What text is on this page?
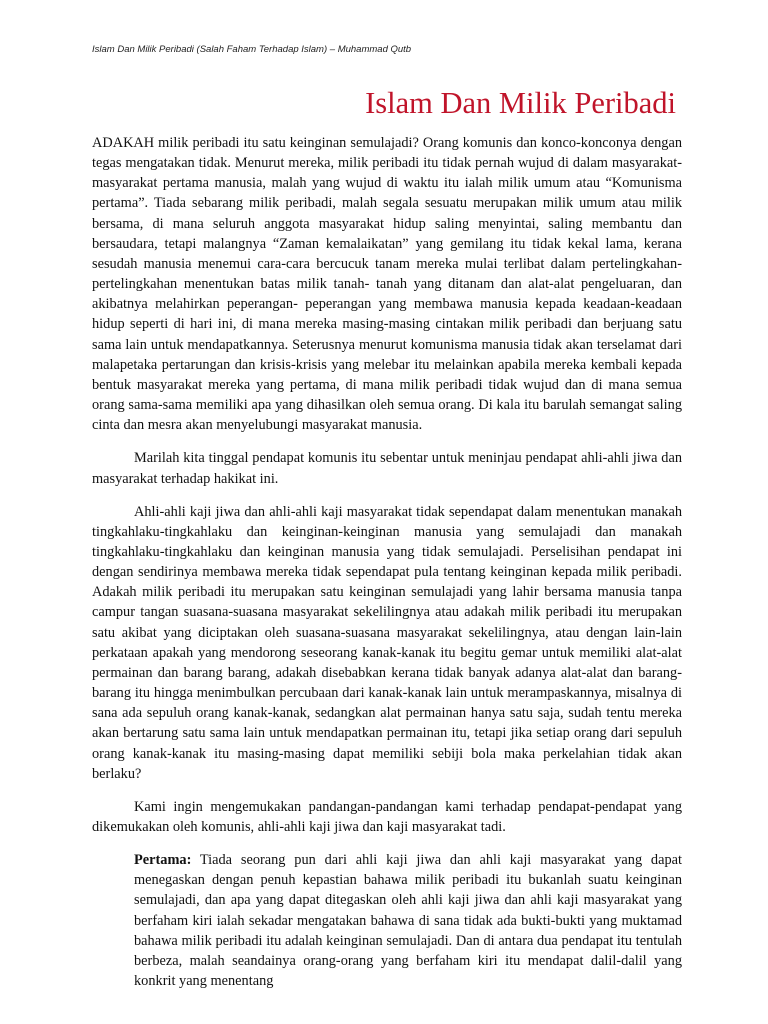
Islam Dan Milik Peribadi (Salah Faham Terhadap Islam) – Muhammad Qutb
Islam Dan Milik Peribadi

ADAKAH milik peribadi itu satu keinginan semulajadi? Orang komunis dan konco-konconya dengan tegas mengatakan tidak. Menurut mereka, milik peribadi itu tidak pernah wujud di dalam masyarakat-masyarakat pertama manusia, malah yang wujud di waktu itu ialah milik umum atau “Komunisma pertama”. Tiada sebarang milik peribadi, malah segala sesuatu merupakan milik umum atau milik bersama, di mana seluruh anggota masyarakat hidup saling menyintai, saling membantu dan bersaudara, tetapi malangnya “Zaman kemalaikatan” yang gemilang itu tidak kekal lama, kerana sesudah manusia menemui cara-cara bercucuk tanam mereka mulai terlibat dalam pertelingkahan-pertelingkahan menentukan batas milik tanah- tanah yang ditanam dan alat-alat pengeluaran, dan akibatnya melahirkan peperangan- peperangan yang membawa manusia kepada keadaan-keadaan hidup seperti di hari ini, di mana mereka masing-masing cintakan milik peribadi dan berjuang satu sama lain untuk mendapatkannya. Seterusnya menurut komunisma manusia tidak akan terselamat dari malapetaka pertarungan dan krisis-krisis yang melebar itu melainkan apabila mereka kembali kepada bentuk masyarakat mereka yang pertama, di mana milik peribadi tidak wujud dan di mana semua orang sama-sama memiliki apa yang dihasilkan oleh semua orang. Di kala itu barulah semangat saling cinta dan mesra akan menyelubungi masyarakat manusia.

Marilah kita tinggal pendapat komunis itu sebentar untuk meninjau pendapat ahli-ahli jiwa dan masyarakat terhadap hakikat ini.

Ahli-ahli kaji jiwa dan ahli-ahli kaji masyarakat tidak sependapat dalam menentukan manakah tingkahlaku-tingkahlaku dan keinginan-keinginan manusia yang semulajadi dan manakah tingkahlaku-tingkahlaku dan keinginan manusia yang tidak semulajadi. Perselisihan pendapat ini dengan sendirinya membawa mereka tidak sependapat pula tentang keinginan kepada milik peribadi. Adakah milik peribadi itu merupakan satu keinginan semulajadi yang lahir bersama manusia tanpa campur tangan suasana-suasana masyarakat sekelilingnya atau adakah milik peribadi itu merupakan satu akibat yang diciptakan oleh suasana-suasana masyarakat sekelilingnya, atau dengan lain-lain perkataan apakah yang mendorong seseorang kanak-kanak itu begitu gemar untuk memiliki alat-alat permainan dan barang barang, adakah disebabkan kerana tidak banyak adanya alat-alat dan barang-barang itu hingga menimbulkan percubaan dari kanak-kanak lain untuk merampaskannya, misalnya di sana ada sepuluh orang kanak-kanak, sedangkan alat permainan hanya satu saja, sudah tentu mereka akan bertarung satu sama lain untuk mendapatkan permainan itu, tetapi jika setiap orang dari sepuluh orang kanak-kanak itu masing-masing dapat memiliki sebiji bola maka perkelahian tidak akan berlaku?

Kami ingin mengemukakan pandangan-pandangan kami terhadap pendapat-pendapat yang dikemukakan oleh komunis, ahli-ahli kaji jiwa dan kaji masyarakat tadi.

Pertama: Tiada seorang pun dari ahli kaji jiwa dan ahli kaji masyarakat yang dapat menegaskan dengan penuh kepastian bahawa milik peribadi itu bukanlah suatu keinginan semulajadi, dan apa yang dapat ditegaskan oleh ahli kaji jiwa dan ahli kaji masyarakat yang berfaham kiri ialah sekadar mengatakan bahawa di sana tidak ada bukti-bukti yang muktamad bahawa milik peribadi itu adalah keinginan semulajadi. Dan di antara dua pendapat itu tentulah berbeza, malah seandainya orang-orang yang berfaham kiri itu mendapat dalil-dalil yang konkrit yang menentang
